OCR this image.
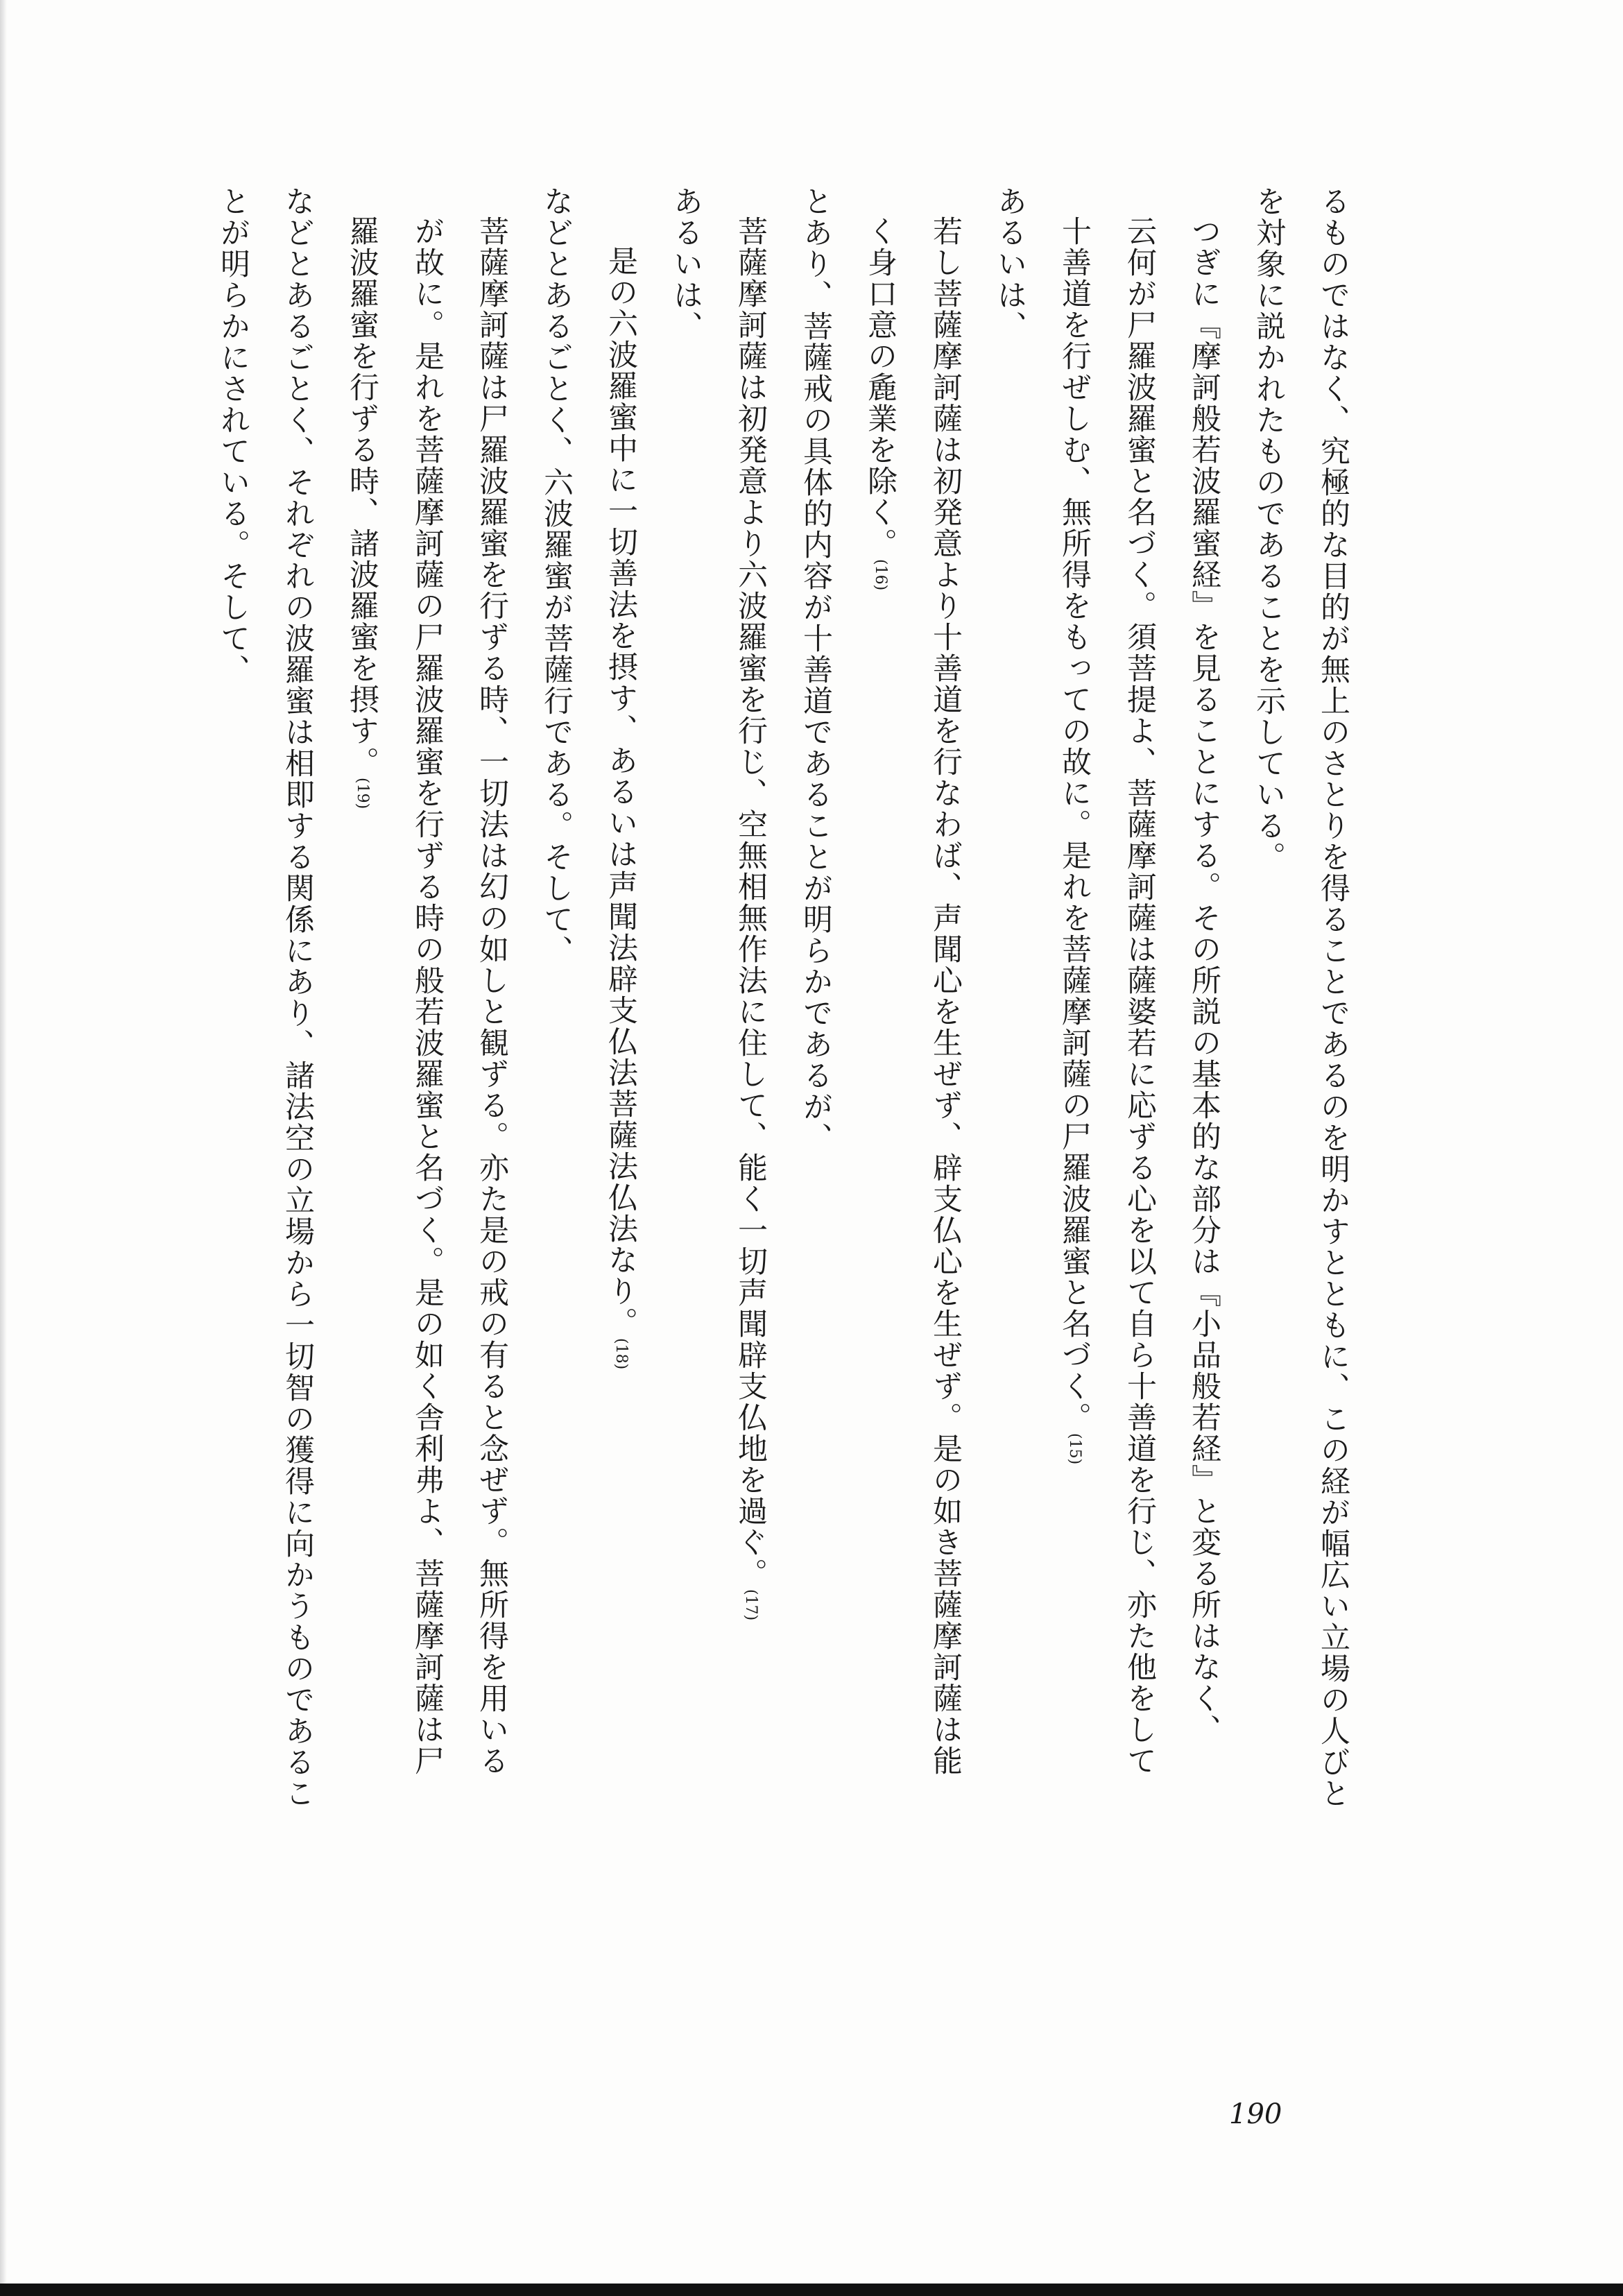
るものではなく、究極的な目的が無上のさとりを得ることであるのを明かすとともに、この経が幅広い立場の人びと
を対象に説かれたものであることを示している。
つぎに『摩訶般若波羅蜜経』を見ることにする。その所説の基本的な部分は『小品般若経』と変る所はなく、
云何が尸羅波羅蜜と名づく。須菩提よ、菩薩摩訶薩は薩婆若に応ずる心を以て自ら十善道を行じ、亦た他をして
十善道を行ぜしむ、無所得をもっての故に。是れを菩薩摩訶薩の尸羅波羅蜜と名づく。(15)
あるいは、
若し菩薩摩訶薩は初発意より十善道を行なわば、声聞心を生ぜず、辟支仏心を生ぜず。是の如き菩薩摩訶薩は能
く身口意の麁業を除く。(16)
とあり、菩薩戒の具体的内容が十善道であることが明らかであるが、
菩薩摩訶薩は初発意より六波羅蜜を行じ、空無相無作法に住して、能く一切声聞辟支仏地を過ぐ。(17)
あるいは、
是の六波羅蜜中に一切善法を摂す、あるいは声聞法辟支仏法菩薩法仏法なり。(18)
などとあるごとく、六波羅蜜が菩薩行である。そして、
菩薩摩訶薩は尸羅波羅蜜を行ずる時、一切法は幻の如しと観ずる。亦た是の戒の有ると念ぜず。無所得を用いる
が故に。是れを菩薩摩訶薩の尸羅波羅蜜を行ずる時の般若波羅蜜と名づく。是の如く舎利弗よ、菩薩摩訶薩は尸
羅波羅蜜を行ずる時、諸波羅蜜を摂す。(19)
などとあるごとく、それぞれの波羅蜜は相即する関係にあり、諸法空の立場から一切智の獲得に向かうものであるこ
とが明らかにされている。そして、
190
